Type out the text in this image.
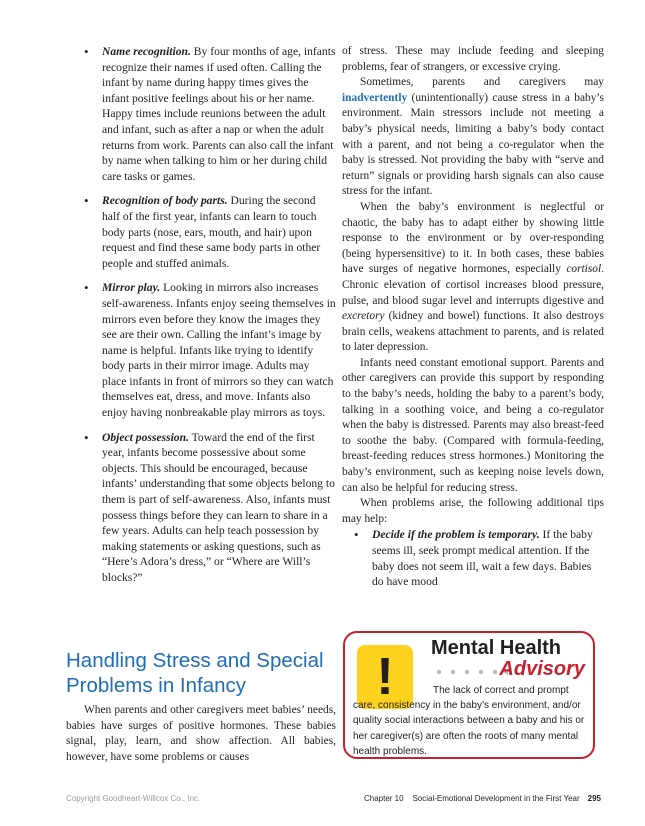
• Name recognition. By four months of age, infants recognize their names if used often. Calling the infant by name during happy times gives the infant positive feelings about his or her name. Happy times include reunions between the adult and infant, such as after a nap or when the adult returns from work. Parents can also call the infant by name when talking to him or her during child care tasks or games.
• Recognition of body parts. During the second half of the first year, infants can learn to touch body parts (nose, ears, mouth, and hair) upon request and find these same body parts in other people and stuffed animals.
• Mirror play. Looking in mirrors also increases self-awareness. Infants enjoy seeing themselves in mirrors even before they know the images they see are their own. Calling the infant’s image by name is helpful. Infants like trying to identify body parts in their mirror image. Adults may place infants in front of mirrors so they can watch themselves eat, dress, and move. Infants also enjoy having nonbreakable play mirrors as toys.
• Object possession. Toward the end of the first year, infants become possessive about some objects. This should be encouraged, because infants’ understanding that some objects belong to them is part of self-awareness. Also, infants must possess things before they can learn to share in a few years. Adults can help teach possession by making statements or asking questions, such as “Here’s Adora’s dress,” or “Where are Will’s blocks?”
Handling Stress and Special Problems in Infancy

When parents and other caregivers meet babies’ needs, babies have surges of positive hormones. These babies signal, play, learn, and show affection. All babies, however, have some problems or causes

of stress. These may include feeding and sleeping problems, fear of strangers, or excessive crying.

Sometimes, parents and caregivers may inadvertently (unintentionally) cause stress in a baby’s environment. Main stressors include not meeting a baby’s physical needs, limiting a baby’s body contact with a parent, and not being a co-regulator when the baby is stressed. Not providing the baby with “serve and return” signals or providing harsh signals can also cause stress for the infant.

When the baby’s environment is neglectful or chaotic, the baby has to adapt either by showing little response to the environment or by over-responding (being hypersensitive) to it. In both cases, these babies have surges of negative hormones, especially cortisol. Chronic elevation of cortisol increases blood pressure, pulse, and blood sugar level and interrupts digestive and excretory (kidney and bowel) functions. It also destroys brain cells, weakens attachment to parents, and is related to later depression.

Infants need constant emotional support. Parents and other caregivers can provide this support by responding to the baby’s needs, holding the baby to a parent’s body, talking in a soothing voice, and being a co-regulator when the baby is distressed. Parents may also breast-feed to soothe the baby. (Compared with formula-feeding, breast-feeding reduces stress hormones.) Monitoring the baby’s environment, such as keeping noise levels down, can also be helpful for reducing stress.

When problems arise, the following additional tips may help:

• Decide if the problem is temporary. If the baby seems ill, seek prompt medical attention. If the baby does not seem ill, wait a few days. Babies do have mood
!	Mental Health
Advisory

The lack of correct and prompt care, consistency in the baby’s environment, and/or quality social interactions between a baby and his or her caregiver(s) are often the roots of many mental health problems.

Copyright Goodheart-Willcox Co., Inc.	Chapter 10    Social-Emotional Development in the First Year 295
